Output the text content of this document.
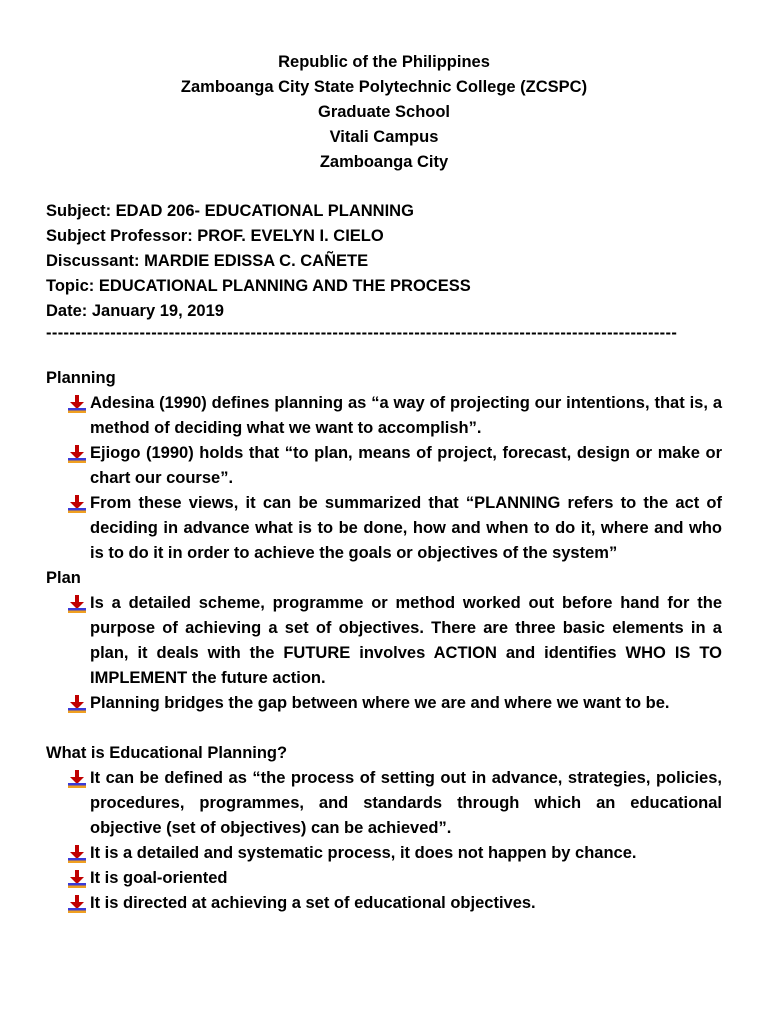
Republic of the Philippines
Zamboanga City State Polytechnic College (ZCSPC)
Graduate School
Vitali Campus
Zamboanga City
Subject: EDAD 206- EDUCATIONAL PLANNING
Subject Professor: PROF. EVELYN I. CIELO
Discussant: MARDIE EDISSA C. CAÑETE
Topic: EDUCATIONAL PLANNING AND THE PROCESS
Date: January 19, 2019
------------------------------------------------------------------------------------------------------------
Planning
Adesina (1990) defines planning as “a way of projecting our intentions, that is, a method of deciding what we want to accomplish”.
Ejiogo (1990) holds that “to plan, means of project, forecast, design or make or chart our course”.
From these views, it can be summarized that “PLANNING refers to the act of deciding in advance what is to be done, how and when to do it, where and who is to do it in order to achieve the goals or objectives of the system”
Plan
Is a detailed scheme, programme or method worked out before hand for the purpose of achieving a set of objectives. There are three basic elements in a plan, it deals with the FUTURE involves ACTION and identifies WHO IS TO IMPLEMENT the future action.
Planning bridges the gap between where we are and where we want to be.
What is Educational Planning?
It can be defined as “the process of setting out in advance, strategies, policies, procedures, programmes, and standards through which an educational objective (set of objectives) can be achieved”.
It is a detailed and systematic process, it does not happen by chance.
It is goal-oriented
It is directed at achieving a set of educational objectives.
